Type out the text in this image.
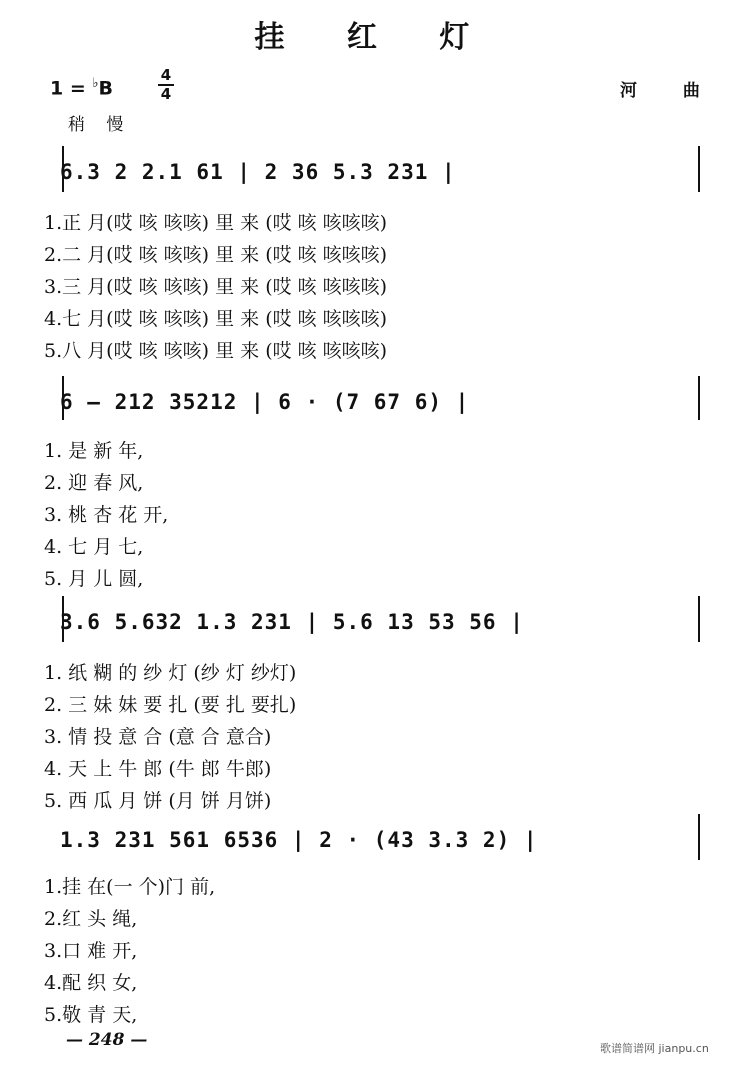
挂 红 灯
1 = ♭B
4
4	河 曲
稍 慢
6.3 2 2.1 61 | 2 36 5.3 231 |
1.正 月(哎 咳 咳咳) 里 来 (哎 咳 咳咳咳)
2.二 月(哎 咳 咳咳) 里 来 (哎 咳 咳咳咳)
3.三 月(哎 咳 咳咳) 里 来 (哎 咳 咳咳咳)
4.七 月(哎 咳 咳咳) 里 来 (哎 咳 咳咳咳)
5.八 月(哎 咳 咳咳) 里 来 (哎 咳 咳咳咳)
6 — 212 35212 | 6 · (7 67 6) |
1. 是 新 年,
2. 迎 春 风,
3. 桃 杏 花 开,
4. 七 月 七,
5. 月 儿 圆,
3.6 5.632 1.3 231 | 5.6 13 53 56 |
1. 纸 糊 的 纱 灯 (纱 灯 纱灯)
2. 三 妹 妹 要 扎 (要 扎 要扎)
3. 情 投 意 合 (意 合 意合)
4. 天 上 牛 郎 (牛 郎 牛郎)
5. 西 瓜 月 饼 (月 饼 月饼)
1.3 231 561 6536 | 2 · (43 3.3 2) |
1.挂 在(一 个)门 前,
2.红 头 绳,
3.口 难 开,
4.配 织 女,
5.敬 青 天,
— 248 —	歌谱简谱网 jianpu.cn
